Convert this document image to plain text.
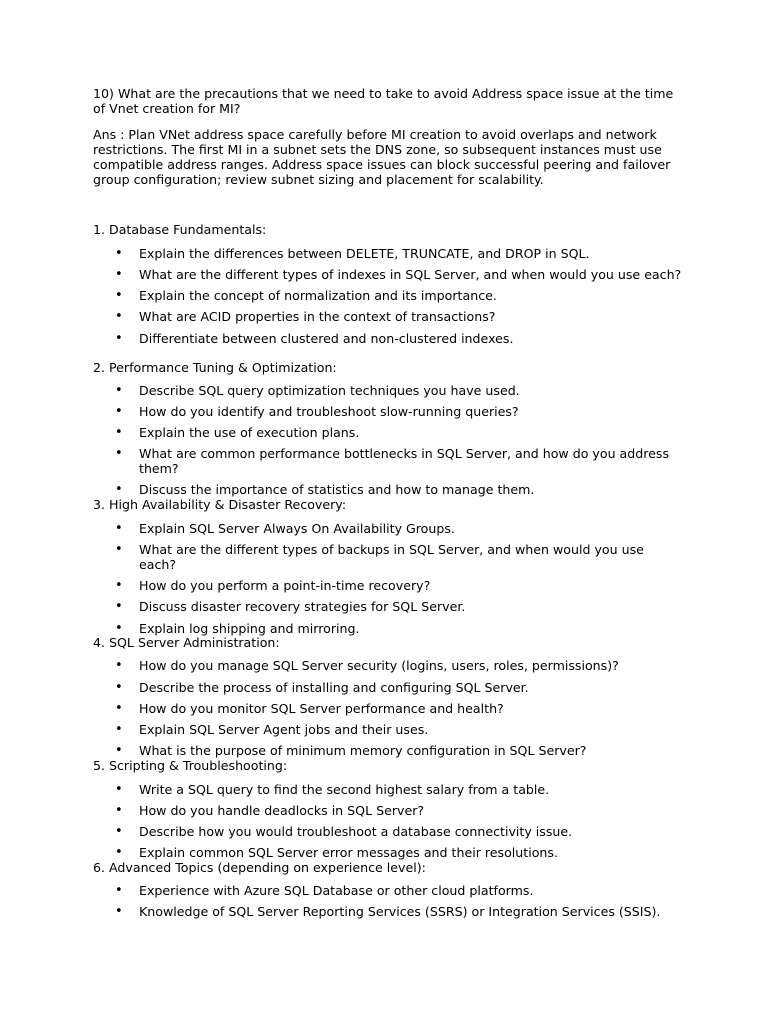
10) What are the precautions that we need to take to avoid Address space issue at the time of Vnet creation for MI?

Ans : Plan VNet address space carefully before MI creation to avoid overlaps and network restrictions. The first MI in a subnet sets the DNS zone, so subsequent instances must use compatible address ranges. Address space issues can block successful peering and failover group configuration; review subnet sizing and placement for scalability.

1. Database Fundamentals:

• Explain the differences between DELETE, TRUNCATE, and DROP in SQL.
• What are the different types of indexes in SQL Server, and when would you use each?
• Explain the concept of normalization and its importance.
• What are ACID properties in the context of transactions?
• Differentiate between clustered and non-clustered indexes.

2. Performance Tuning & Optimization:

• Describe SQL query optimization techniques you have used.
• How do you identify and troubleshoot slow-running queries?
• Explain the use of execution plans.
• What are common performance bottlenecks in SQL Server, and how do you address them?
• Discuss the importance of statistics and how to manage them.

3. High Availability & Disaster Recovery:

• Explain SQL Server Always On Availability Groups.
• What are the different types of backups in SQL Server, and when would you use each?
• How do you perform a point-in-time recovery?
• Discuss disaster recovery strategies for SQL Server.
• Explain log shipping and mirroring.

4. SQL Server Administration:

• How do you manage SQL Server security (logins, users, roles, permissions)?
• Describe the process of installing and configuring SQL Server.
• How do you monitor SQL Server performance and health?
• Explain SQL Server Agent jobs and their uses.
• What is the purpose of minimum memory configuration in SQL Server?

5. Scripting & Troubleshooting:

• Write a SQL query to find the second highest salary from a table.
• How do you handle deadlocks in SQL Server?
• Describe how you would troubleshoot a database connectivity issue.
• Explain common SQL Server error messages and their resolutions.

6. Advanced Topics (depending on experience level):

• Experience with Azure SQL Database or other cloud platforms.
• Knowledge of SQL Server Reporting Services (SSRS) or Integration Services (SSIS).
